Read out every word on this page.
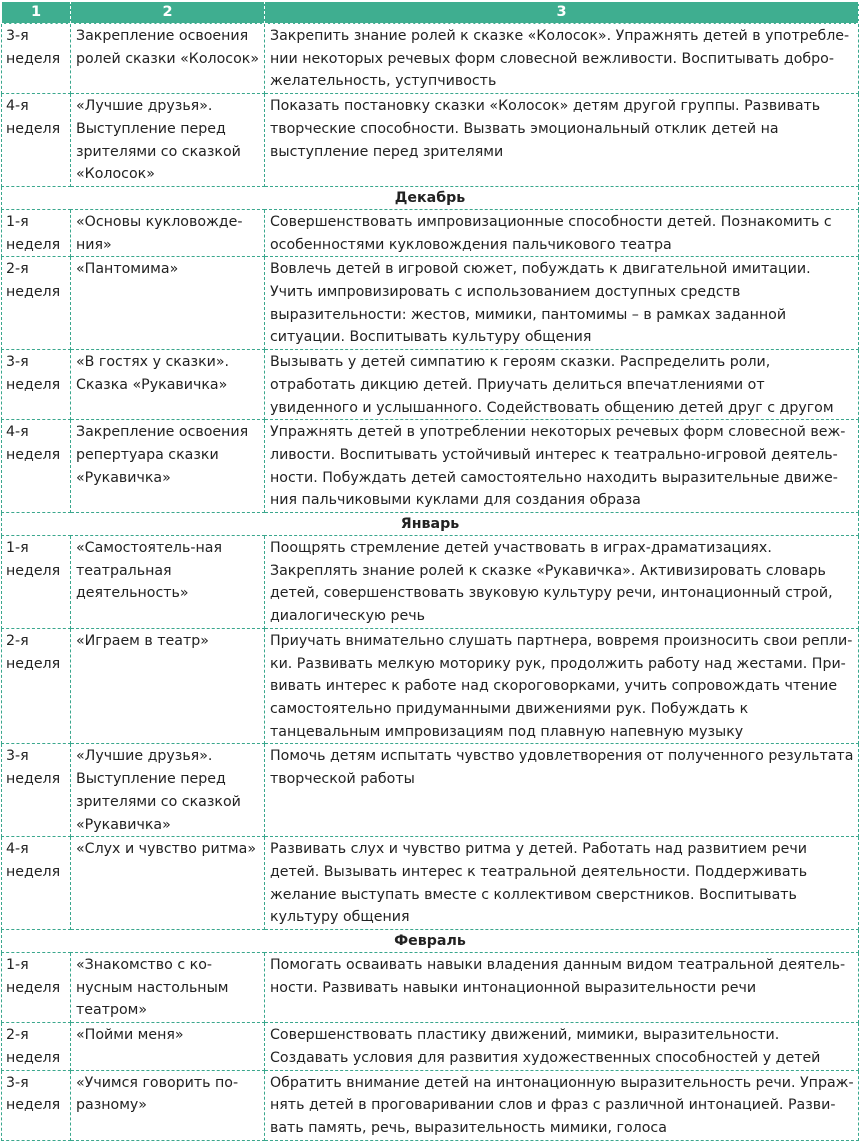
1	2	3
3-я неделя	Закрепление освоения ролей сказки «Колосок»	Закрепить знание ролей к сказке «Колосок». Упражнять детей в употреблении некоторых речевых форм словесной вежливости. Воспитывать доброжелательность, уступчивость
4-я неделя	«Лучшие друзья». Выступление перед зрителями со сказкой «Колосок»	Показать постановку сказки «Колосок» детям другой группы. Развивать творческие способности. Вызвать эмоциональный отклик детей на выступление перед зрителями
Декабрь		
1-я неделя	«Основы кукловождения»	Совершенствовать импровизационные способности детей. Познакомить с особенностями кукловождения пальчикового театра
2-я неделя	«Пантомима»	Вовлечь детей в игровой сюжет, побуждать к двигательной имитации. Учить импровизировать с использованием доступных средств выразительности: жестов, мимики, пантомимы – в рамках заданной ситуации. Воспитывать культуру общения
3-я неделя	«В гостях у сказки». Сказка «Рукавичка»	Вызывать у детей симпатию к героям сказки. Распределить роли, отработать дикцию детей. Приучать делиться впечатлениями от увиденного и услышанного. Содействовать общению детей друг с другом
4-я неделя	Закрепление освоения репертуара сказки «Рукавичка»	Упражнять детей в употреблении некоторых речевых форм словесной вежливости. Воспитывать устойчивый интерес к театрально-игровой деятельности. Побуждать детей самостоятельно находить выразительные движения пальчиковыми куклами для создания образа
Январь		
1-я неделя	«Самостоятель-ная театральная деятельность»	Поощрять стремление детей участвовать в играх-драматизациях. Закреплять знание ролей к сказке «Рукавичка». Активизировать словарь детей, совершенствовать звуковую культуру речи, интонационный строй, диалогическую речь
2-я неделя	«Играем в театр»	Приучать внимательно слушать партнера, вовремя произносить свои реплики. Развивать мелкую моторику рук, продолжить работу над жестами. Прививать интерес к работе над скороговорками, учить сопровождать чтение самостоятельно придуманными движениями рук. Побуждать к танцевальным импровизациям под плавную напевную музыку
3-я неделя	«Лучшие друзья». Выступление перед зрителями со сказкой «Рукавичка»	Помочь детям испытать чувство удовлетворения от полученного результата творческой работы
4-я неделя	«Слух и чувство ритма»	Развивать слух и чувство ритма у детей. Работать над развитием речи детей. Вызывать интерес к театральной деятельности. Поддерживать желание выступать вместе с коллективом сверстников. Воспитывать культуру общения
Февраль		
1-я неделя	«Знакомство с конусным настольным театром»	Помогать осваивать навыки владения данным видом театральной деятельности. Развивать навыки интонационной выразительности речи
2-я неделя	«Пойми меня»	Совершенствовать пластику движений, мимики, выразительности. Создавать условия для развития художественных способностей у детей
3-я неделя	«Учимся говорить по-разному»	Обратить внимание детей на интонационную выразительность речи. Упражнять детей в проговаривании слов и фраз с различной интонацией. Развивать память, речь, выразительность мимики, голоса
